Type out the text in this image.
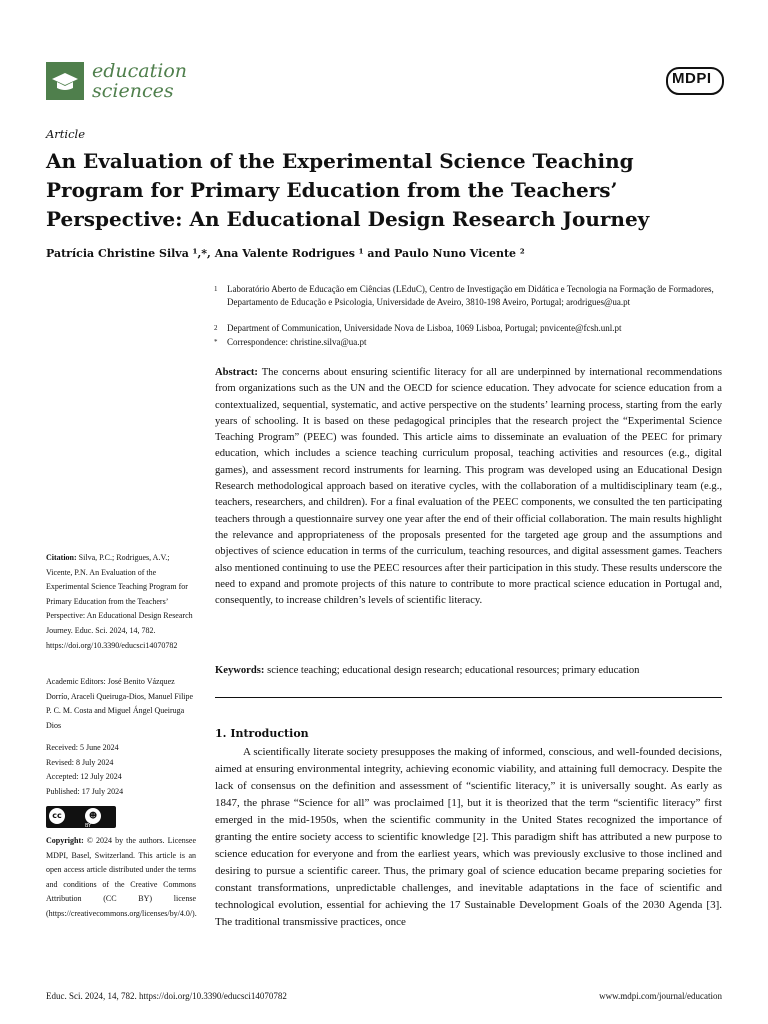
education
sciences
MDPI
Article
An Evaluation of the Experimental Science Teaching Program for Primary Education from the Teachers’ Perspective: An Educational Design Research Journey
Patrícia Christine Silva ¹,*, Ana Valente Rodrigues ¹ and Paulo Nuno Vicente ²
1 Laboratório Aberto de Educação em Ciências (LEduC), Centro de Investigação em Didática e Tecnologia na Formação de Formadores, Departamento de Educação e Psicologia, Universidade de Aveiro, 3810-198 Aveiro, Portugal; arodrigues@ua.pt
2 Department of Communication, Universidade Nova de Lisboa, 1069 Lisboa, Portugal; pnvicente@fcsh.unl.pt
* Correspondence: christine.silva@ua.pt
Abstract: The concerns about ensuring scientific literacy for all are underpinned by international recommendations from organizations such as the UN and the OECD for science education. They advocate for science education from a contextualized, sequential, systematic, and active perspective on the students’ learning process, starting from the early years of schooling. It is based on these pedagogical principles that the research project the “Experimental Science Teaching Program” (PEEC) was founded. This article aims to disseminate an evaluation of the PEEC for primary education, which includes a science teaching curriculum proposal, teaching activities and resources (e.g., digital games), and assessment record instruments for learning. This program was developed using an Educational Design Research methodological approach based on iterative cycles, with the collaboration of a multidisciplinary team (e.g., teachers, researchers, and children). For a final evaluation of the PEEC components, we consulted the ten participating teachers through a questionnaire survey one year after the end of their official collaboration. The main results highlight the relevance and appropriateness of the proposals presented for the targeted age group and the assumptions and objectives of science education in terms of the curriculum, teaching resources, and digital assessment games. Teachers also mentioned continuing to use the PEEC resources after their participation in this study. These results underscore the need to expand and promote projects of this nature to contribute to more practical science education in Portugal and, consequently, to increase children’s levels of scientific literacy.
Keywords: science teaching; educational design research; educational resources; primary education
Citation: Silva, P.C.; Rodrigues, A.V.; Vicente, P.N. An Evaluation of the Experimental Science Teaching Program for Primary Education from the Teachers’ Perspective: An Educational Design Research Journey. Educ. Sci. 2024, 14, 782. https://doi.org/10.3390/educsci14070782
Academic Editors: José Benito Vázquez Dorrío, Araceli Queiruga-Dios, Manuel Filipe P. C. M. Costa and Miguel Ángel Queiruga Dios
Received: 5 June 2024
Revised: 8 July 2024
Accepted: 12 July 2024
Published: 17 July 2024
cc	☻
BY
Copyright: © 2024 by the authors. Licensee MDPI, Basel, Switzerland. This article is an open access article distributed under the terms and conditions of the Creative Commons Attribution (CC BY) license (https://creativecommons.org/licenses/by/4.0/).
1. Introduction
A scientifically literate society presupposes the making of informed, conscious, and well-founded decisions, aimed at ensuring environmental integrity, achieving economic viability, and attaining full democracy. Despite the lack of consensus on the definition and assessment of “scientific literacy,” it is universally sought. As early as 1847, the phrase “Science for all” was proclaimed [1], but it is theorized that the term “scientific literacy” first emerged in the mid-1950s, when the scientific community in the United States recognized the importance of granting the entire society access to scientific knowledge [2]. This paradigm shift has attributed a new purpose to science education for everyone and from the earliest years, which was previously exclusive to those inclined and desiring to pursue a scientific career. Thus, the primary goal of science education became preparing societies for constant transformations, unpredictable challenges, and inevitable adaptations in the face of scientific and technological evolution, essential for achieving the 17 Sustainable Development Goals of the 2030 Agenda [3]. The traditional transmissive practices, once
Educ. Sci. 2024, 14, 782. https://doi.org/10.3390/educsci14070782	www.mdpi.com/journal/education
